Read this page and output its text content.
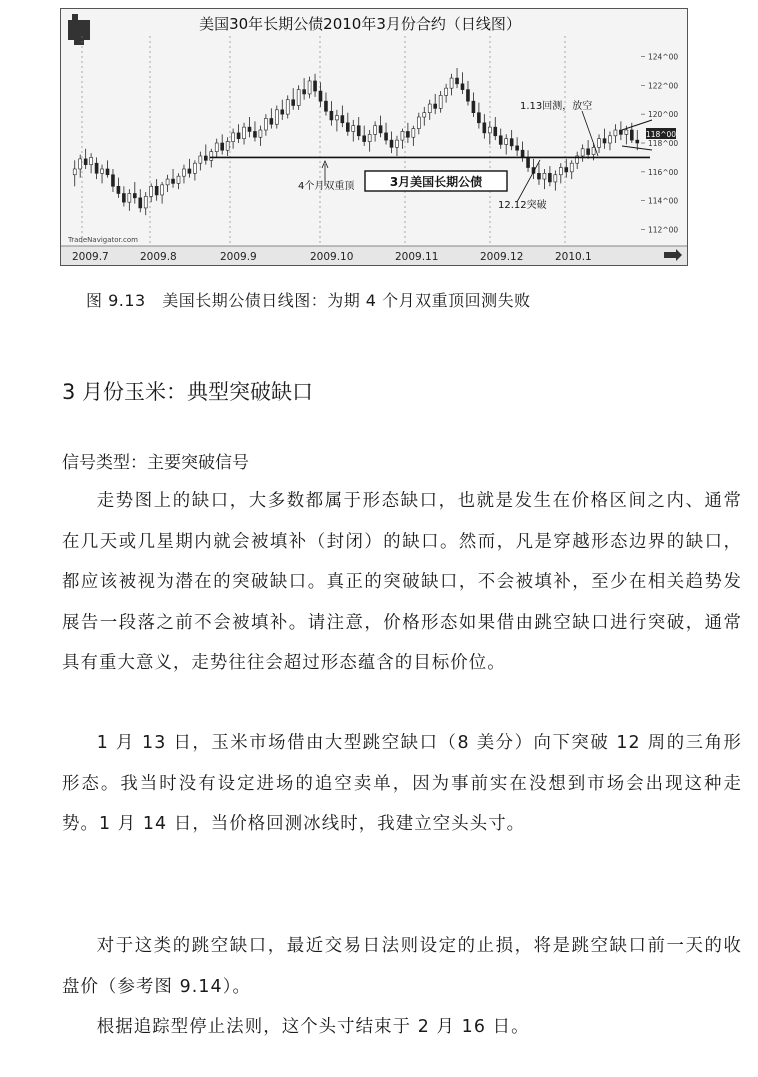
美国30年长期公债2010年3月份合约（日线图）
4个月双重顶	3月美国长期公债
1.13回测，放空
12.12突破
124^00
122^00
120^00
118^00
116^00
114^00
112^00
118^00
2009.7	2009.8	2009.9	2009.10	2009.11	2009.12	2010.1
TradeNavigator.com
图 9.13　美国长期公债日线图：为期 4 个月双重顶回测失败
3 月份玉米：典型突破缺口
信号类型：主要突破信号

走势图上的缺口，大多数都属于形态缺口，也就是发生在价格区间之内、通常在几天或几星期内就会被填补（封闭）的缺口。然而，凡是穿越形态边界的缺口，都应该被视为潜在的突破缺口。真正的突破缺口，不会被填补，至少在相关趋势发展告一段落之前不会被填补。请注意，价格形态如果借由跳空缺口进行突破，通常具有重大意义，走势往往会超过形态蕴含的目标价位。

1 月 13 日，玉米市场借由大型跳空缺口（8 美分）向下突破 12 周的三角形形态。我当时没有设定进场的追空卖单，因为事前实在没想到市场会出现这种走势。1 月 14 日，当价格回测冰线时，我建立空头头寸。

对于这类的跳空缺口，最近交易日法则设定的止损，将是跳空缺口前一天的收盘价（参考图 9.14）。

根据追踪型停止法则，这个头寸结束于 2 月 16 日。
